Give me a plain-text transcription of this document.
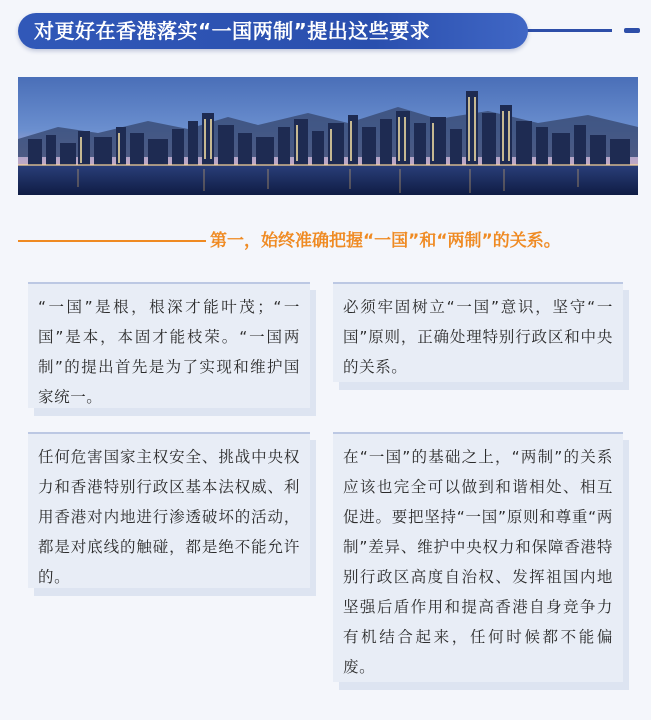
对更好在香港落实“一国两制”提出这些要求
第一，始终准确把握“一国”和“两制”的关系。

“一国”是根，根深才能叶茂；“一国”是本，本固才能枝荣。“一国两制”的提出首先是为了实现和维护国家统一。

必须牢固树立“一国”意识，坚守“一国”原则，正确处理特别行政区和中央的关系。

任何危害国家主权安全、挑战中央权力和香港特别行政区基本法权威、利用香港对内地进行渗透破坏的活动，都是对底线的触碰，都是绝不能允许的。

在“一国”的基础之上，“两制”的关系应该也完全可以做到和谐相处、相互促进。要把坚持“一国”原则和尊重“两制”差异、维护中央权力和保障香港特别行政区高度自治权、发挥祖国内地坚强后盾作用和提高香港自身竞争力有机结合起来，任何时候都不能偏废。
